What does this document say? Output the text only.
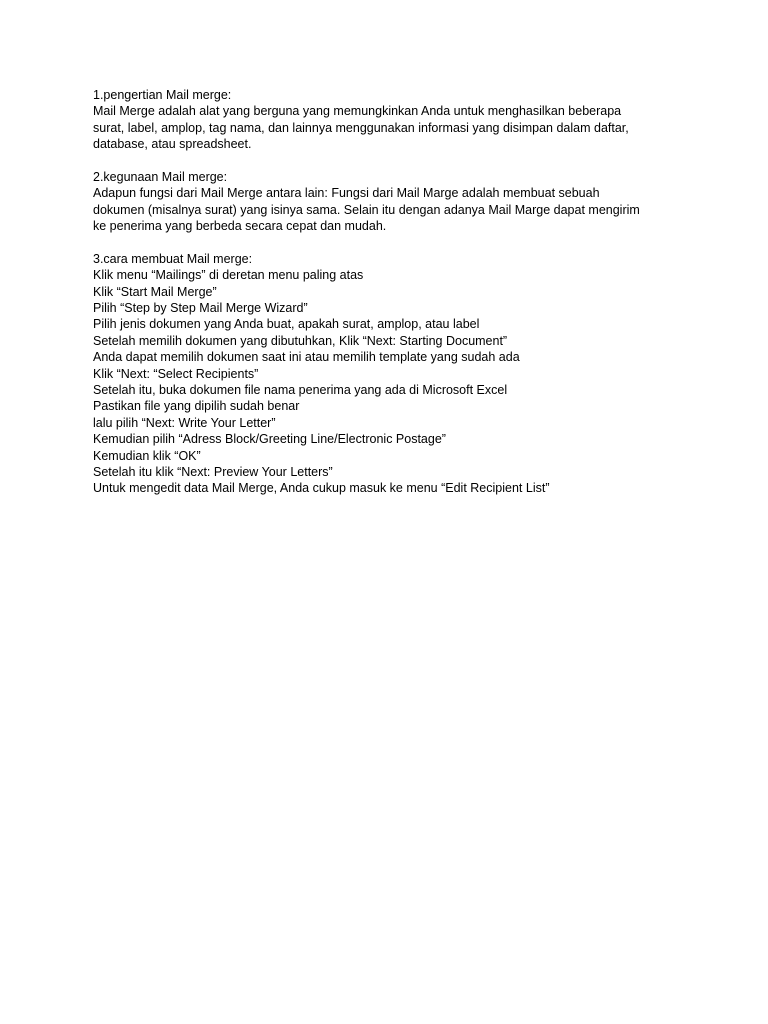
1.pengertian Mail merge:
Mail Merge adalah alat yang berguna yang memungkinkan Anda untuk menghasilkan beberapa
surat, label, amplop, tag nama, dan lainnya menggunakan informasi yang disimpan dalam daftar,
database, atau spreadsheet.
2.kegunaan Mail merge:
Adapun fungsi dari Mail Merge antara lain: Fungsi dari Mail Marge adalah membuat sebuah
dokumen (misalnya surat) yang isinya sama. Selain itu dengan adanya Mail Marge dapat mengirim
ke penerima yang berbeda secara cepat dan mudah.
3.cara membuat Mail merge:
Klik menu “Mailings” di deretan menu paling atas
Klik “Start Mail Merge”
Pilih “Step by Step Mail Merge Wizard”
Pilih jenis dokumen yang Anda buat, apakah surat, amplop, atau label
Setelah memilih dokumen yang dibutuhkan, Klik “Next: Starting Document”
Anda dapat memilih dokumen saat ini atau memilih template yang sudah ada
Klik “Next: “Select Recipients”
Setelah itu, buka dokumen file nama penerima yang ada di Microsoft Excel
Pastikan file yang dipilih sudah benar
lalu pilih “Next: Write Your Letter”
Kemudian pilih “Adress Block/Greeting Line/Electronic Postage”
Kemudian klik “OK”
Setelah itu klik “Next: Preview Your Letters”
Untuk mengedit data Mail Merge, Anda cukup masuk ke menu “Edit Recipient List”
